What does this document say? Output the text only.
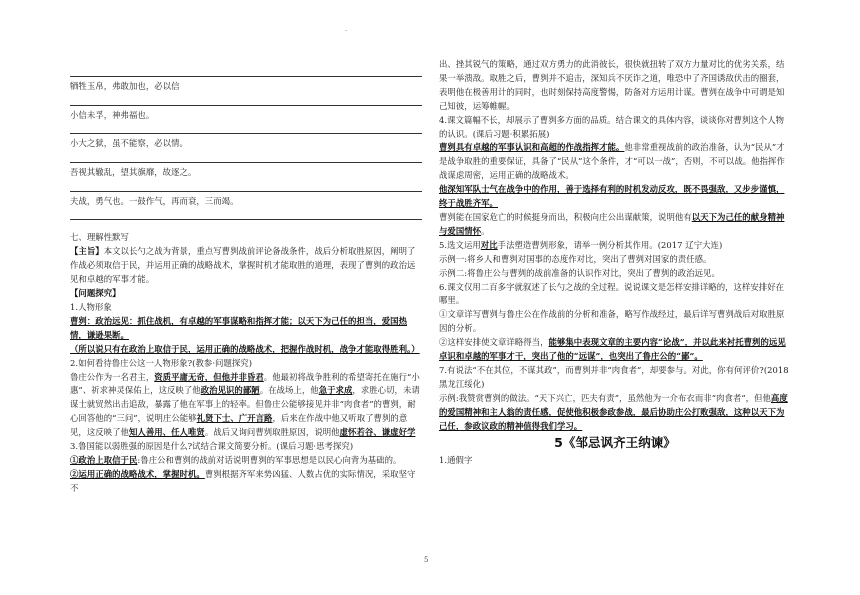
·
牺牲玉帛，弗敢加也，必以信
小信未孚，神弗福也。
小大之狱，虽不能察，必以情。
吾视其辙乱，望其旗靡，故逐之。
夫战，勇气也。一鼓作气，再而衰，三而竭。

七、理解性默写

【主旨】本文以长勺之战为背景，重点写曹刿战前评论备战条件，战后分析取胜原因，阐明了作战必须取信于民，并运用正确的战略战术，掌握时机才能取胜的道理，表现了曹刿的政治远见和卓越的军事才能。

【问题探究】

1.人物形象

曹刿：政治远见：抓住战机，有卓越的军事谋略和指挥才能；以天下为己任的担当，爱国热情，谦逊果断。

（所以说只有在政治上取信于民，运用正确的战略战术，把握作战时机，战争才能取得胜利。）

2.如何看待鲁庄公这一人物形象?(教参·问题探究)

鲁庄公作为一名君主，资质平庸无奇，但他并非昏君。他最初将战争胜利的希望寄托在施行“小惠”、祈求神灵保佑上，这反映了他政治见识的鄙陋。在战场上，他急于求成，求胜心切，未请谋士就贸然出击追敌，暴露了他在军事上的轻率。但鲁庄公能够接见并非“肉食者”的曹刿，耐心回答他的“三问”，说明庄公能够礼贤下士、广开言路，后来在作战中他又听取了曹刿的意见，这反映了他知人善用、任人唯贤。战后又询问曹刿取胜原因，说明他虚怀若谷、谦虚好学

3.鲁国能以弱胜强的原因是什么?试结合课文简要分析。(课后习题·思考探究)

①政治上取信于民:鲁庄公和曹刿的战前对话说明曹刿的军事思想是以民心向背为基础的。

②运用正确的战略战术，掌握时机。曹刿根据齐军来势凶猛、人数占优的实际情况，采取坚守不

出、挫其锐气的策略，通过双方勇力的此消彼长，很快就扭转了双方力量对比的优劣关系，结果一举溃敌。取胜之后，曹刿并不追击，深知兵不厌诈之道，唯恐中了齐国诱敌伏击的圈套，表明他在极善用计的同时，也时刻保持高度警惕，防备对方运用计谋。曹刿在战争中可谓是知己知彼，运筹帷幄。

4.课文篇幅不长，却展示了曹刿多方面的品质。结合课文的具体内容，谈谈你对曹刿这个人物的认识。(课后习题·积累拓展)

曹刿具有卓越的军事认识和高超的作战指挥才能。他非常重视战前的政治准备，认为“民从”才是战争取胜的重要保证，具备了“民从”这个条件，才“可以一战”，否则，不可以战。他指挥作战谋虑周密，运用正确的战略战术。

他深知军队士气在战争中的作用，善于选择有利的时机发动反攻，既不畏强敌，又步步谨慎，终于战胜齐军。

曹刿能在国家危亡的时候挺身而出，积极向庄公出谋献策，说明他有以天下为己任的献身精神与爱国情怀。

5.选文运用对比手法塑造曹刿形象，请举一例分析其作用。(2017 辽宁大连)

示例一:将乡人和曹刿对国事的态度作对比，突出了曹刿对国家的责任感。

示例二:将鲁庄公与曹刿的战前准备的认识作对比，突出了曹刿的政治远见。

6.课文仅用二百多字就叙述了长勺之战的全过程。说说课文是怎样安排详略的，这样安排好在哪里。

①文章详写曹刿与鲁庄公在作战前的分析和准备，略写作战经过，最后详写曹刿战后对取胜原因的分析。

②这样安排使文章详略得当，能够集中表现文章的主要内容“论战”，并以此来衬托曹刿的远见卓识和卓越的军事才干，突出了他的“远谋”，也突出了鲁庄公的“鄙”。

7.有说法“不在其位，不谋其政”，而曹刿并非“肉食者”，却要参与。对此，你有何评价?(2018 黑龙江绥化)

示例:我赞赏曹刿的做法。“天下兴亡，匹夫有责”，虽然他为一介布衣而非“肉食者”，但他高度的爱国精神和主人翁的责任感，促使他积极参政参战，最后协助庄公打败强敌，这种以天下为己任，参政议政的精神值得我们学习。

5《邹忌讽齐王纳谏》

1.通假字

5
